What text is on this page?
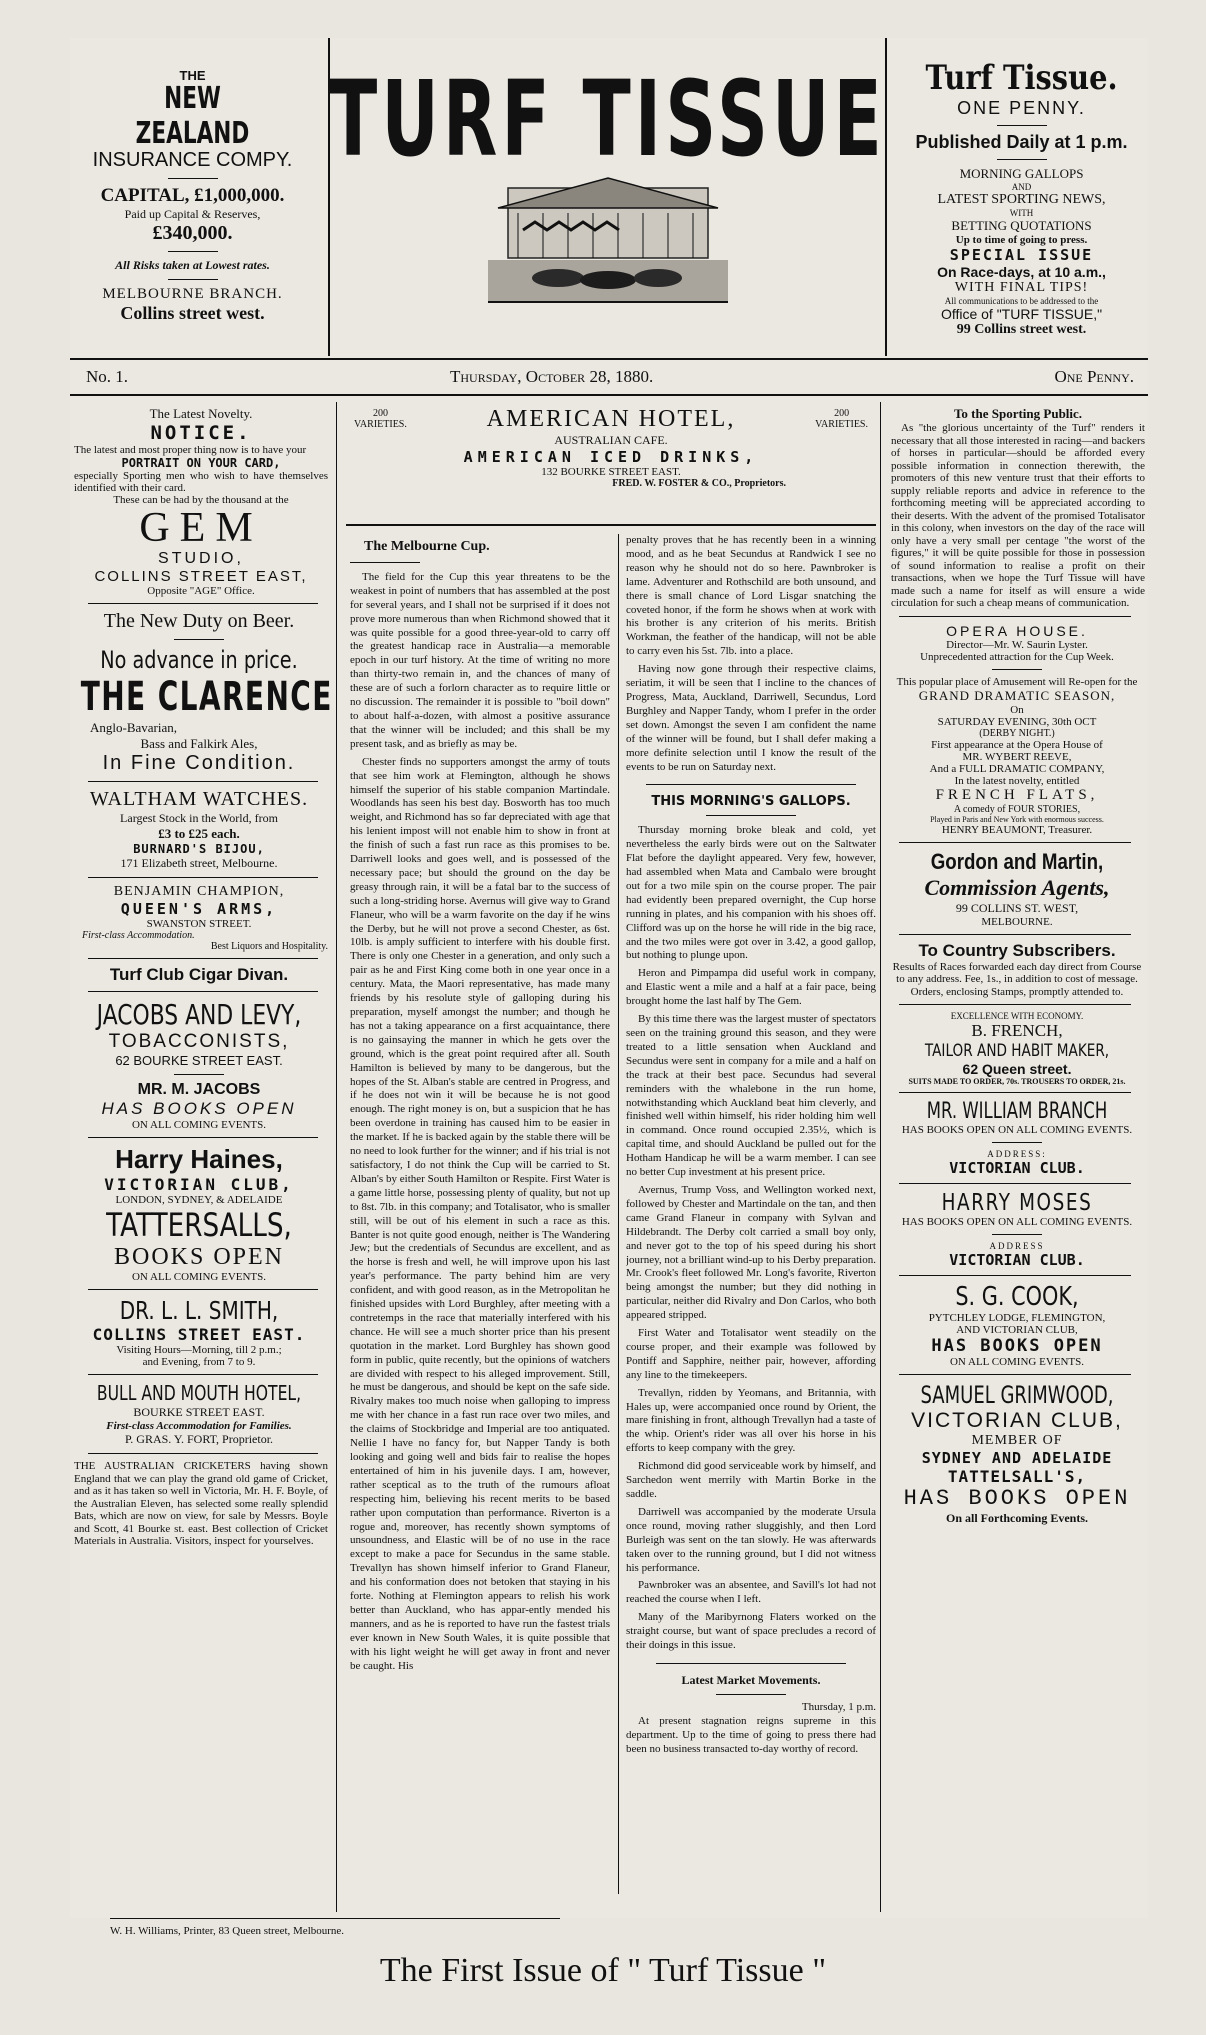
THE
NEW ZEALAND
INSURANCE COMPY.
CAPITAL, £1,000,000.
Paid up Capital & Reserves,
£340,000.
All Risks taken at Lowest rates.
MELBOURNE BRANCH.
Collins street west.
TURF TISSUE	Turf Tissue.
ONE PENNY.
Published Daily at 1 p.m.
MORNING GALLOPS
AND
LATEST SPORTING NEWS,
WITH
BETTING QUOTATIONS
Up to time of going to press.
SPECIAL ISSUE
On Race-days, at 10 a.m.,
WITH FINAL TIPS!
All communications to be addressed to the
Office of "TURF TISSUE,"
99 Collins street west.
No. 1.	Thursday, October 28, 1880.	One Penny.
The Latest Novelty.
NOTICE.
The latest and most proper thing now is to have your
PORTRAIT ON YOUR CARD,
especially Sporting men who wish to have themselves identified with their card.
These can be had by the thousand at the
GEM
STUDIO,
COLLINS STREET EAST,
Opposite "AGE" Office.
The New Duty on Beer.
No advance in price.
THE CLARENCE
Anglo-Bavarian,
Bass and Falkirk Ales,
In Fine Condition.
WALTHAM WATCHES.
Largest Stock in the World, from
£3 to £25 each.
BURNARD'S BIJOU,
171 Elizabeth street, Melbourne.
BENJAMIN CHAMPION,
QUEEN'S ARMS,
SWANSTON STREET.
First-class Accommodation.
Best Liquors and Hospitality.
Turf Club Cigar Divan.
JACOBS AND LEVY,
TOBACCONISTS,
62 BOURKE STREET EAST.
MR. M. JACOBS
HAS BOOKS OPEN
ON ALL COMING EVENTS.
Harry Haines,
VICTORIAN CLUB,
LONDON, SYDNEY, & ADELAIDE
TATTERSALLS,
BOOKS OPEN
ON ALL COMING EVENTS.
DR. L. L. SMITH,
COLLINS STREET EAST.
Visiting Hours—Morning, till 2 p.m.;
and Evening, from 7 to 9.
BULL AND MOUTH HOTEL,
BOURKE STREET EAST.
First-class Accommodation for Families.
P. GRAS. Y. FORT, Proprietor.
THE AUSTRALIAN CRICKETERS having shown England that we can play the grand old game of Cricket, and as it has taken so well in Victoria, Mr. H. F. Boyle, of the Australian Eleven, has selected some really splendid Bats, which are now on view, for sale by Messrs. Boyle and Scott, 41 Bourke st. east. Best collection of Cricket Materials in Australia. Visitors, inspect for yourselves.
200
VARIETIES.
200
VARIETIES.
AMERICAN HOTEL,
AUSTRALIAN CAFE.
AMERICAN ICED DRINKS,
132 BOURKE STREET EAST.
FRED. W. FOSTER & CO., Proprietors.
The Melbourne Cup.

The field for the Cup this year threatens to be the weakest in point of numbers that has assembled at the post for several years, and I shall not be surprised if it does not prove more numerous than when Richmond showed that it was quite possible for a good three-year-old to carry off the greatest handicap race in Australia—a memorable epoch in our turf history. At the time of writing no more than thirty-two remain in, and the chances of many of these are of such a forlorn character as to require little or no discussion. The remainder it is possible to "boil down" to about half-a-dozen, with almost a positive assurance that the winner will be included; and this shall be my present task, and as briefly as may be.

Chester finds no supporters amongst the army of touts that see him work at Flemington, although he shows himself the superior of his stable companion Martindale. Woodlands has seen his best day. Bosworth has too much weight, and Richmond has so far depreciated with age that his lenient impost will not enable him to show in front at the finish of such a fast run race as this promises to be. Darriwell looks and goes well, and is possessed of the necessary pace; but should the ground on the day be greasy through rain, it will be a fatal bar to the success of such a long-striding horse. Avernus will give way to Grand Flaneur, who will be a warm favorite on the day if he wins the Derby, but he will not prove a second Chester, as 6st. 10lb. is amply sufficient to interfere with his double first. There is only one Chester in a generation, and only such a pair as he and First King come both in one year once in a century. Mata, the Maori representative, has made many friends by his resolute style of galloping during his preparation, myself amongst the number; and though he has not a taking appearance on a first acquaintance, there is no gainsaying the manner in which he gets over the ground, which is the great point required after all. South Hamilton is believed by many to be dangerous, but the hopes of the St. Alban's stable are centred in Progress, and if he does not win it will be because he is not good enough. The right money is on, but a suspicion that he has been overdone in training has caused him to be easier in the market. If he is backed again by the stable there will be no need to look further for the winner; and if his trial is not satisfactory, I do not think the Cup will be carried to St. Alban's by either South Hamilton or Respite. First Water is a game little horse, possessing plenty of quality, but not up to 8st. 7lb. in this company; and Totalisator, who is smaller still, will be out of his element in such a race as this. Banter is not quite good enough, neither is The Wandering Jew; but the credentials of Secundus are excellent, and as the horse is fresh and well, he will improve upon his last year's performance. The party behind him are very confident, and with good reason, as in the Metropolitan he finished upsides with Lord Burghley, after meeting with a contretemps in the race that materially interfered with his chance. He will see a much shorter price than his present quotation in the market. Lord Burghley has shown good form in public, quite recently, but the opinions of watchers are divided with respect to his alleged improvement. Still, he must be dangerous, and should be kept on the safe side. Rivalry makes too much noise when galloping to impress me with her chance in a fast run race over two miles, and the claims of Stockbridge and Imperial are too antiquated. Nellie I have no fancy for, but Napper Tandy is both looking and going well and bids fair to realise the hopes entertained of him in his juvenile days. I am, however, rather sceptical as to the truth of the rumours afloat respecting him, believing his recent merits to be based rather upon computation than performance. Riverton is a rogue and, moreover, has recently shown symptoms of unsoundness, and Elastic will be of no use in the race except to make a pace for Secundus in the same stable. Trevallyn has shown himself inferior to Grand Flaneur, and his conformation does not betoken that staying in his forte. Nothing at Flemington appears to relish his work better than Auckland, who has appar-ently mended his manners, and as he is reported to have run the fastest trials ever known in New South Wales, it is quite possible that with his light weight he will get away in front and never be caught. His

penalty proves that he has recently been in a winning mood, and as he beat Secundus at Randwick I see no reason why he should not do so here. Pawnbroker is lame. Adventurer and Rothschild are both unsound, and there is small chance of Lord Lisgar snatching the coveted honor, if the form he shows when at work with his brother is any criterion of his merits. British Workman, the feather of the handicap, will not be able to carry even his 5st. 7lb. into a place.

Having now gone through their respective claims, seriatim, it will be seen that I incline to the chances of Progress, Mata, Auckland, Darriwell, Secundus, Lord Burghley and Napper Tandy, whom I prefer in the order set down. Amongst the seven I am confident the name of the winner will be found, but I shall defer making a more definite selection until I know the result of the events to be run on Saturday next.

THIS MORNING'S GALLOPS.

Thursday morning broke bleak and cold, yet nevertheless the early birds were out on the Saltwater Flat before the daylight appeared. Very few, however, had assembled when Mata and Cambalo were brought out for a two mile spin on the course proper. The pair had evidently been prepared overnight, the Cup horse running in plates, and his companion with his shoes off. Clifford was up on the horse he will ride in the big race, and the two miles were got over in 3.42, a good gallop, but nothing to plunge upon.

Heron and Pimpampa did useful work in company, and Elastic went a mile and a half at a fair pace, being brought home the last half by The Gem.

By this time there was the largest muster of spectators seen on the training ground this season, and they were treated to a little sensation when Auckland and Secundus were sent in company for a mile and a half on the track at their best pace. Secundus had several reminders with the whalebone in the run home, notwithstanding which Auckland beat him cleverly, and finished well within himself, his rider holding him well in command. Once round occupied 2.35½, which is capital time, and should Auckland be pulled out for the Hotham Handicap he will be a warm member. I can see no better Cup investment at his present price.

Avernus, Trump Voss, and Wellington worked next, followed by Chester and Martindale on the tan, and then came Grand Flaneur in company with Sylvan and Hildebrandt. The Derby colt carried a small boy only, and never got to the top of his speed during his short journey, not a brilliant wind-up to his Derby preparation. Mr. Crook's fleet followed Mr. Long's favorite, Riverton being amongst the number; but they did nothing in particular, neither did Rivalry and Don Carlos, who both appeared stripped.

First Water and Totalisator went steadily on the course proper, and their example was followed by Pontiff and Sapphire, neither pair, however, affording any line to the timekeepers.

Trevallyn, ridden by Yeomans, and Britannia, with Hales up, were accompanied once round by Orient, the mare finishing in front, although Trevallyn had a taste of the whip. Orient's rider was all over his horse in his efforts to keep company with the grey.

Richmond did good serviceable work by himself, and Sarchedon went merrily with Martin Borke in the saddle.

Darriwell was accompanied by the moderate Ursula once round, moving rather sluggishly, and then Lord Burleigh was sent on the tan slowly. He was afterwards taken over to the running ground, but I did not witness his performance.

Pawnbroker was an absentee, and Savill's lot had not reached the course when I left.

Many of the Maribyrnong Flaters worked on the straight course, but want of space precludes a record of their doings in this issue.

Latest Market Movements.
Thursday, 1 p.m.

At present stagnation reigns supreme in this department. Up to the time of going to press there had been no business transacted to-day worthy of record.

To the Sporting Public.
As "the glorious uncertainty of the Turf" renders it necessary that all those interested in racing—and backers of horses in particular—should be afforded every possible information in connection therewith, the promoters of this new venture trust that their efforts to supply reliable reports and advice in reference to the forthcoming meeting will be appreciated according to their deserts. With the advent of the promised Totalisator in this colony, when investors on the day of the race will only have a very small per centage "the worst of the figures," it will be quite possible for those in possession of sound information to realise a profit on their transactions, when we hope the Turf Tissue will have made such a name for itself as will ensure a wide circulation for such a cheap means of communication.
OPERA HOUSE.
Director—Mr. W. Saurin Lyster.
Unprecedented attraction for the Cup Week.
This popular place of Amusement will Re-open for the
GRAND DRAMATIC SEASON,
On
SATURDAY EVENING, 30th OCT
(DERBY NIGHT.)
First appearance at the Opera House of
MR. WYBERT REEVE,
And a FULL DRAMATIC COMPANY,
In the latest novelty, entitled
FRENCH FLATS,
A comedy of FOUR STORIES,
Played in Paris and New York with enormous success.
HENRY BEAUMONT, Treasurer.
Gordon and Martin,
Commission Agents,
99 COLLINS ST. WEST,
MELBOURNE.
To Country Subscribers.
Results of Races forwarded each day direct from Course to any address. Fee, 1s., in addition to cost of message.
Orders, enclosing Stamps, promptly attended to.
EXCELLENCE WITH ECONOMY.
B. FRENCH,
TAILOR AND HABIT MAKER,
62 Queen street.
SUITS MADE TO ORDER, 70s. TROUSERS TO ORDER, 21s.
MR. WILLIAM BRANCH
HAS BOOKS OPEN ON ALL COMING EVENTS.
ADDRESS:
VICTORIAN CLUB.
HARRY MOSES
HAS BOOKS OPEN ON ALL COMING EVENTS.
ADDRESS
VICTORIAN CLUB.
S. G. COOK,
PYTCHLEY LODGE, FLEMINGTON,
AND VICTORIAN CLUB,
HAS BOOKS OPEN
ON ALL COMING EVENTS.
SAMUEL GRIMWOOD,
VICTORIAN CLUB,
MEMBER OF
SYDNEY AND ADELAIDE
TATTELSALL'S,
HAS BOOKS OPEN
On all Forthcoming Events.
W. H. Williams, Printer, 83 Queen street, Melbourne.
The First Issue of " Turf Tissue "
